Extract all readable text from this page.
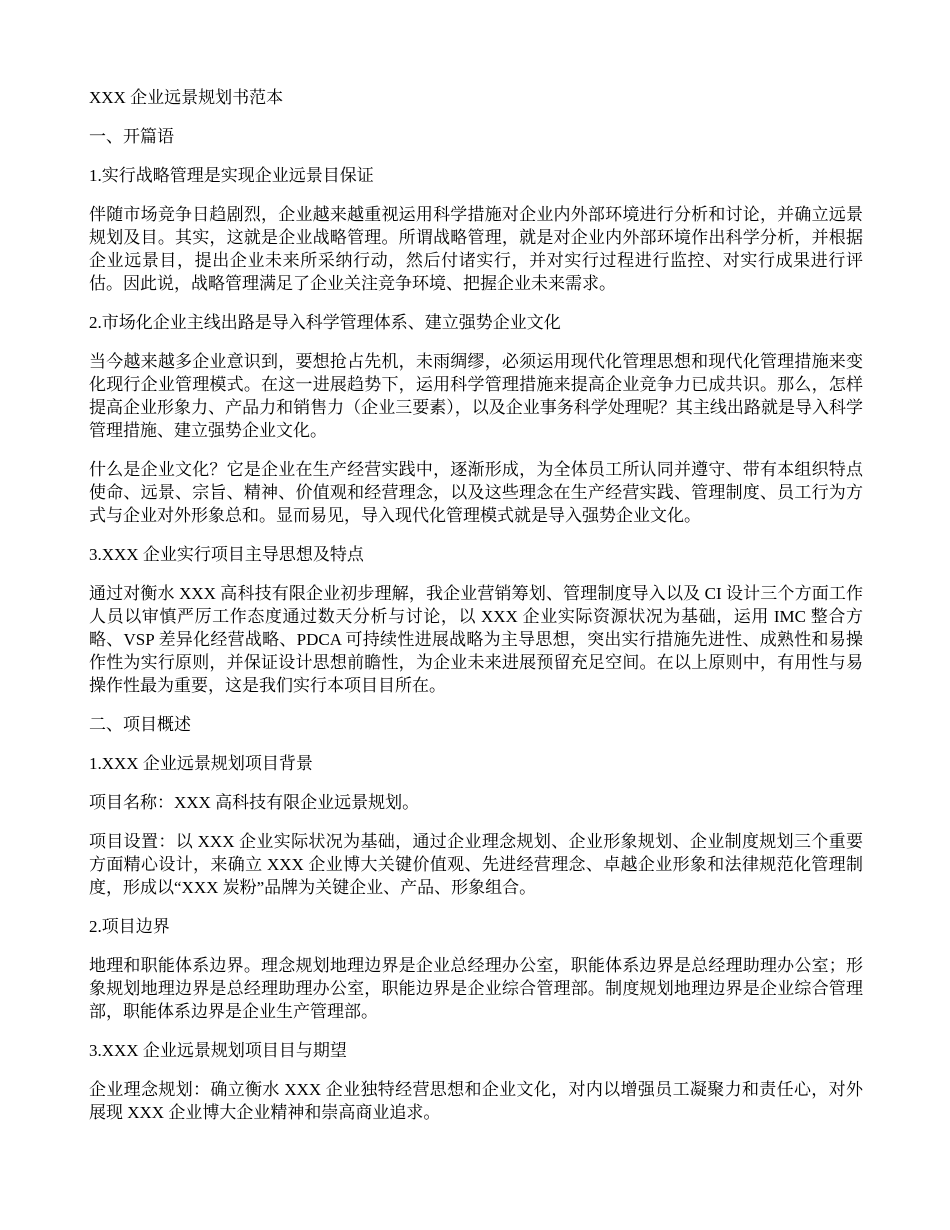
XXX 企业远景规划书范本

一、开篇语

1.实行战略管理是实现企业远景目保证

伴随市场竞争日趋剧烈，企业越来越重视运用科学措施对企业内外部环境进行分析和讨论，并确立远景规划及目。其实，这就是企业战略管理。所谓战略管理，就是对企业内外部环境作出科学分析，并根据企业远景目，提出企业未来所采纳行动，然后付诸实行，并对实行过程进行监控、对实行成果进行评估。因此说，战略管理满足了企业关注竞争环境、把握企业未来需求。

2.市场化企业主线出路是导入科学管理体系、建立强势企业文化

当今越来越多企业意识到，要想抢占先机，未雨绸缪，必须运用现代化管理思想和现代化管理措施来变化现行企业管理模式。在这一进展趋势下，运用科学管理措施来提高企业竞争力已成共识。那么，怎样提高企业形象力、产品力和销售力（企业三要素），以及企业事务科学处理呢？其主线出路就是导入科学管理措施、建立强势企业文化。

什么是企业文化？它是企业在生产经营实践中，逐渐形成，为全体员工所认同并遵守、带有本组织特点使命、远景、宗旨、精神、价值观和经营理念，以及这些理念在生产经营实践、管理制度、员工行为方式与企业对外形象总和。显而易见，导入现代化管理模式就是导入强势企业文化。

3.XXX 企业实行项目主导思想及特点

通过对衡水 XXX 高科技有限企业初步理解，我企业营销筹划、管理制度导入以及 CI 设计三个方面工作人员以审慎严厉工作态度通过数天分析与讨论，以 XXX 企业实际资源状况为基础，运用 IMC 整合方略、VSP 差异化经营战略、PDCA 可持续性进展战略为主导思想，突出实行措施先进性、成熟性和易操作性为实行原则，并保证设计思想前瞻性，为企业未来进展预留充足空间。在以上原则中，有用性与易操作性最为重要，这是我们实行本项目目所在。

二、项目概述

1.XXX 企业远景规划项目背景

项目名称：XXX 高科技有限企业远景规划。

项目设置：以 XXX 企业实际状况为基础，通过企业理念规划、企业形象规划、企业制度规划三个重要方面精心设计，来确立 XXX 企业博大关键价值观、先进经营理念、卓越企业形象和法律规范化管理制度，形成以“XXX 炭粉”品牌为关键企业、产品、形象组合。

2.项目边界

地理和职能体系边界。理念规划地理边界是企业总经理办公室，职能体系边界是总经理助理办公室；形象规划地理边界是总经理助理办公室，职能边界是企业综合管理部。制度规划地理边界是企业综合管理部，职能体系边界是企业生产管理部。

3.XXX 企业远景规划项目目与期望

企业理念规划：确立衡水 XXX 企业独特经营思想和企业文化，对内以增强员工凝聚力和责任心，对外展现 XXX 企业博大企业精神和崇高商业追求。
